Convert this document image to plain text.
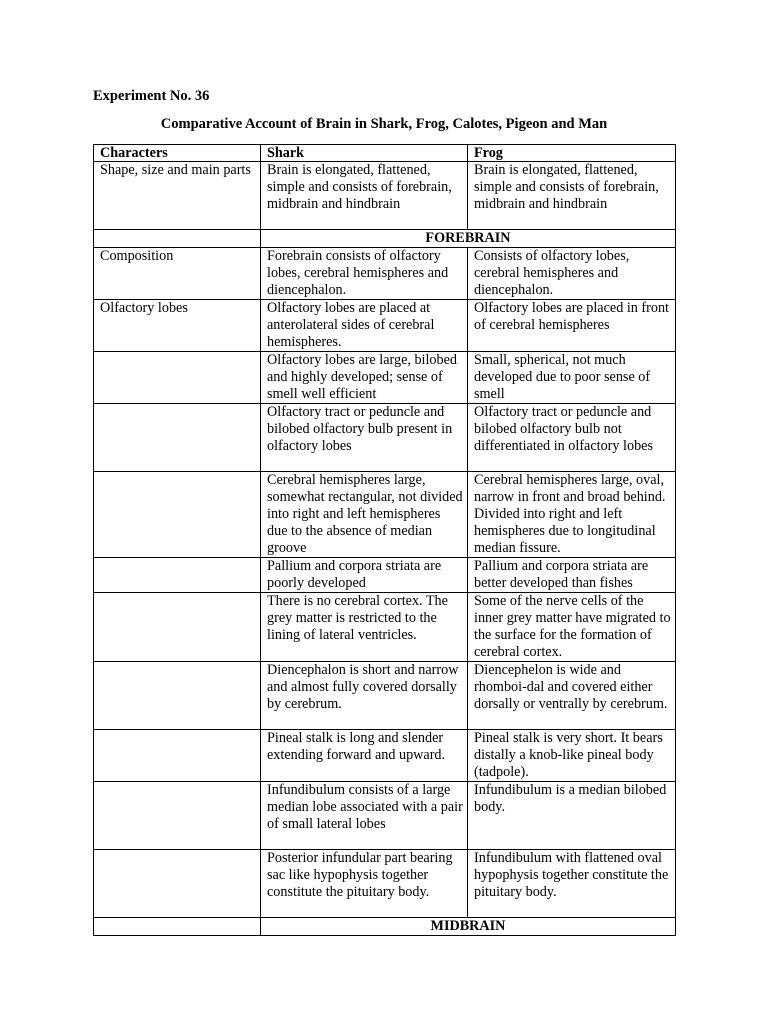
Experiment No. 36

Comparative Account of Brain in Shark, Frog, Calotes, Pigeon and Man

Characters	Shark	Frog
Shape, size and main parts	Brain is elongated, flattened, simple and consists of forebrain, midbrain and hindbrain	Brain is elongated, flattened, simple and consists of forebrain, midbrain and hindbrain
	FOREBRAIN	
Composition	Forebrain consists of olfactory lobes, cerebral hemispheres and diencephalon.	Consists of olfactory lobes, cerebral hemispheres and diencephalon.
Olfactory lobes	Olfactory lobes are placed at anterolateral sides of cerebral hemispheres.	Olfactory lobes are placed in front of cerebral hemispheres
	Olfactory lobes are large, bilobed and highly developed; sense of smell well efficient	Small, spherical, not much developed due to poor sense of smell
	Olfactory tract or peduncle and bilobed olfactory bulb present in olfactory lobes	Olfactory tract or peduncle and bilobed olfactory bulb not differentiated in olfactory lobes
	Cerebral hemispheres large, somewhat rectangular, not divided into right and left hemispheres due to the absence of median groove	Cerebral hemispheres large, oval, narrow in front and broad behind. Divided into right and left hemispheres due to longitudinal median fissure.
	Pallium and corpora striata are poorly developed	Pallium and corpora striata are better developed than fishes
	There is no cerebral cortex. The grey matter is restricted to the lining of lateral ventricles.	Some of the nerve cells of the inner grey matter have migrated to the surface for the formation of cerebral cortex.
	Diencephalon is short and narrow and almost fully covered dorsally by cerebrum.	Diencephelon is wide and rhomboi-dal and covered either dorsally or ventrally by cerebrum.
	Pineal stalk is long and slender extending forward and upward.	Pineal stalk is very short. It bears distally a knob-like pineal body (tadpole).
	Infundibulum consists of a large median lobe associated with a pair of small lateral lobes	Infundibulum is a median bilobed body.
	Posterior infundular part bearing sac like hypophysis together constitute the pituitary body.	Infundibulum with flattened oval hypophysis together constitute the pituitary body.
	MIDBRAIN	
